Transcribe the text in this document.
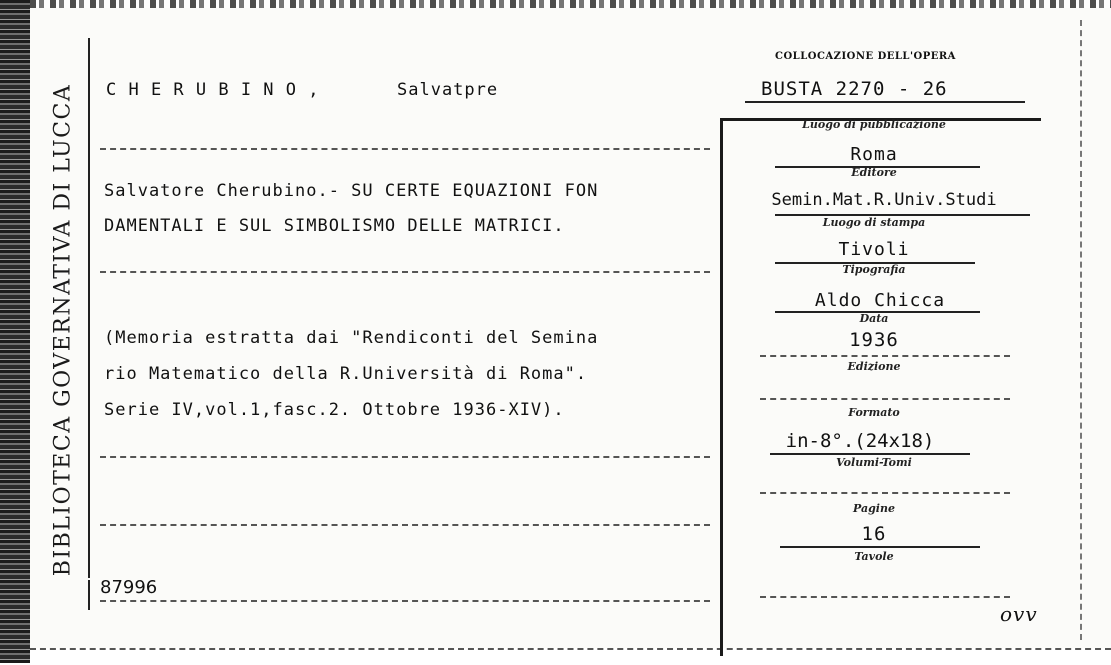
BIBLIOTECA GOVERNATIVA DI LUCCA C H E R U B I N O ,	Salvatpre
COLLOCAZIONE DELL'OPERA
BUSTA 2270 - 26
Salvatore Cherubino.- SU CERTE EQUAZIONI FON
DAMENTALI E SUL SIMBOLISMO DELLE MATRICI.
(Memoria estratta dai "Rendiconti del Semina
rio Matematico della R.Università di Roma".
Serie IV,vol.1,fasc.2. Ottobre 1936-XIV).
87996
Luogo di pubblicazione
Roma
Editore
Semin.Mat.R.Univ.Studi
Luogo di stampa
Tivoli
Tipografia
Aldo Chicca
Data
1936
Edizione
Formato
in-8°.(24x18)
Volumi-Tomi
Pagine
16
Tavole
ovv
